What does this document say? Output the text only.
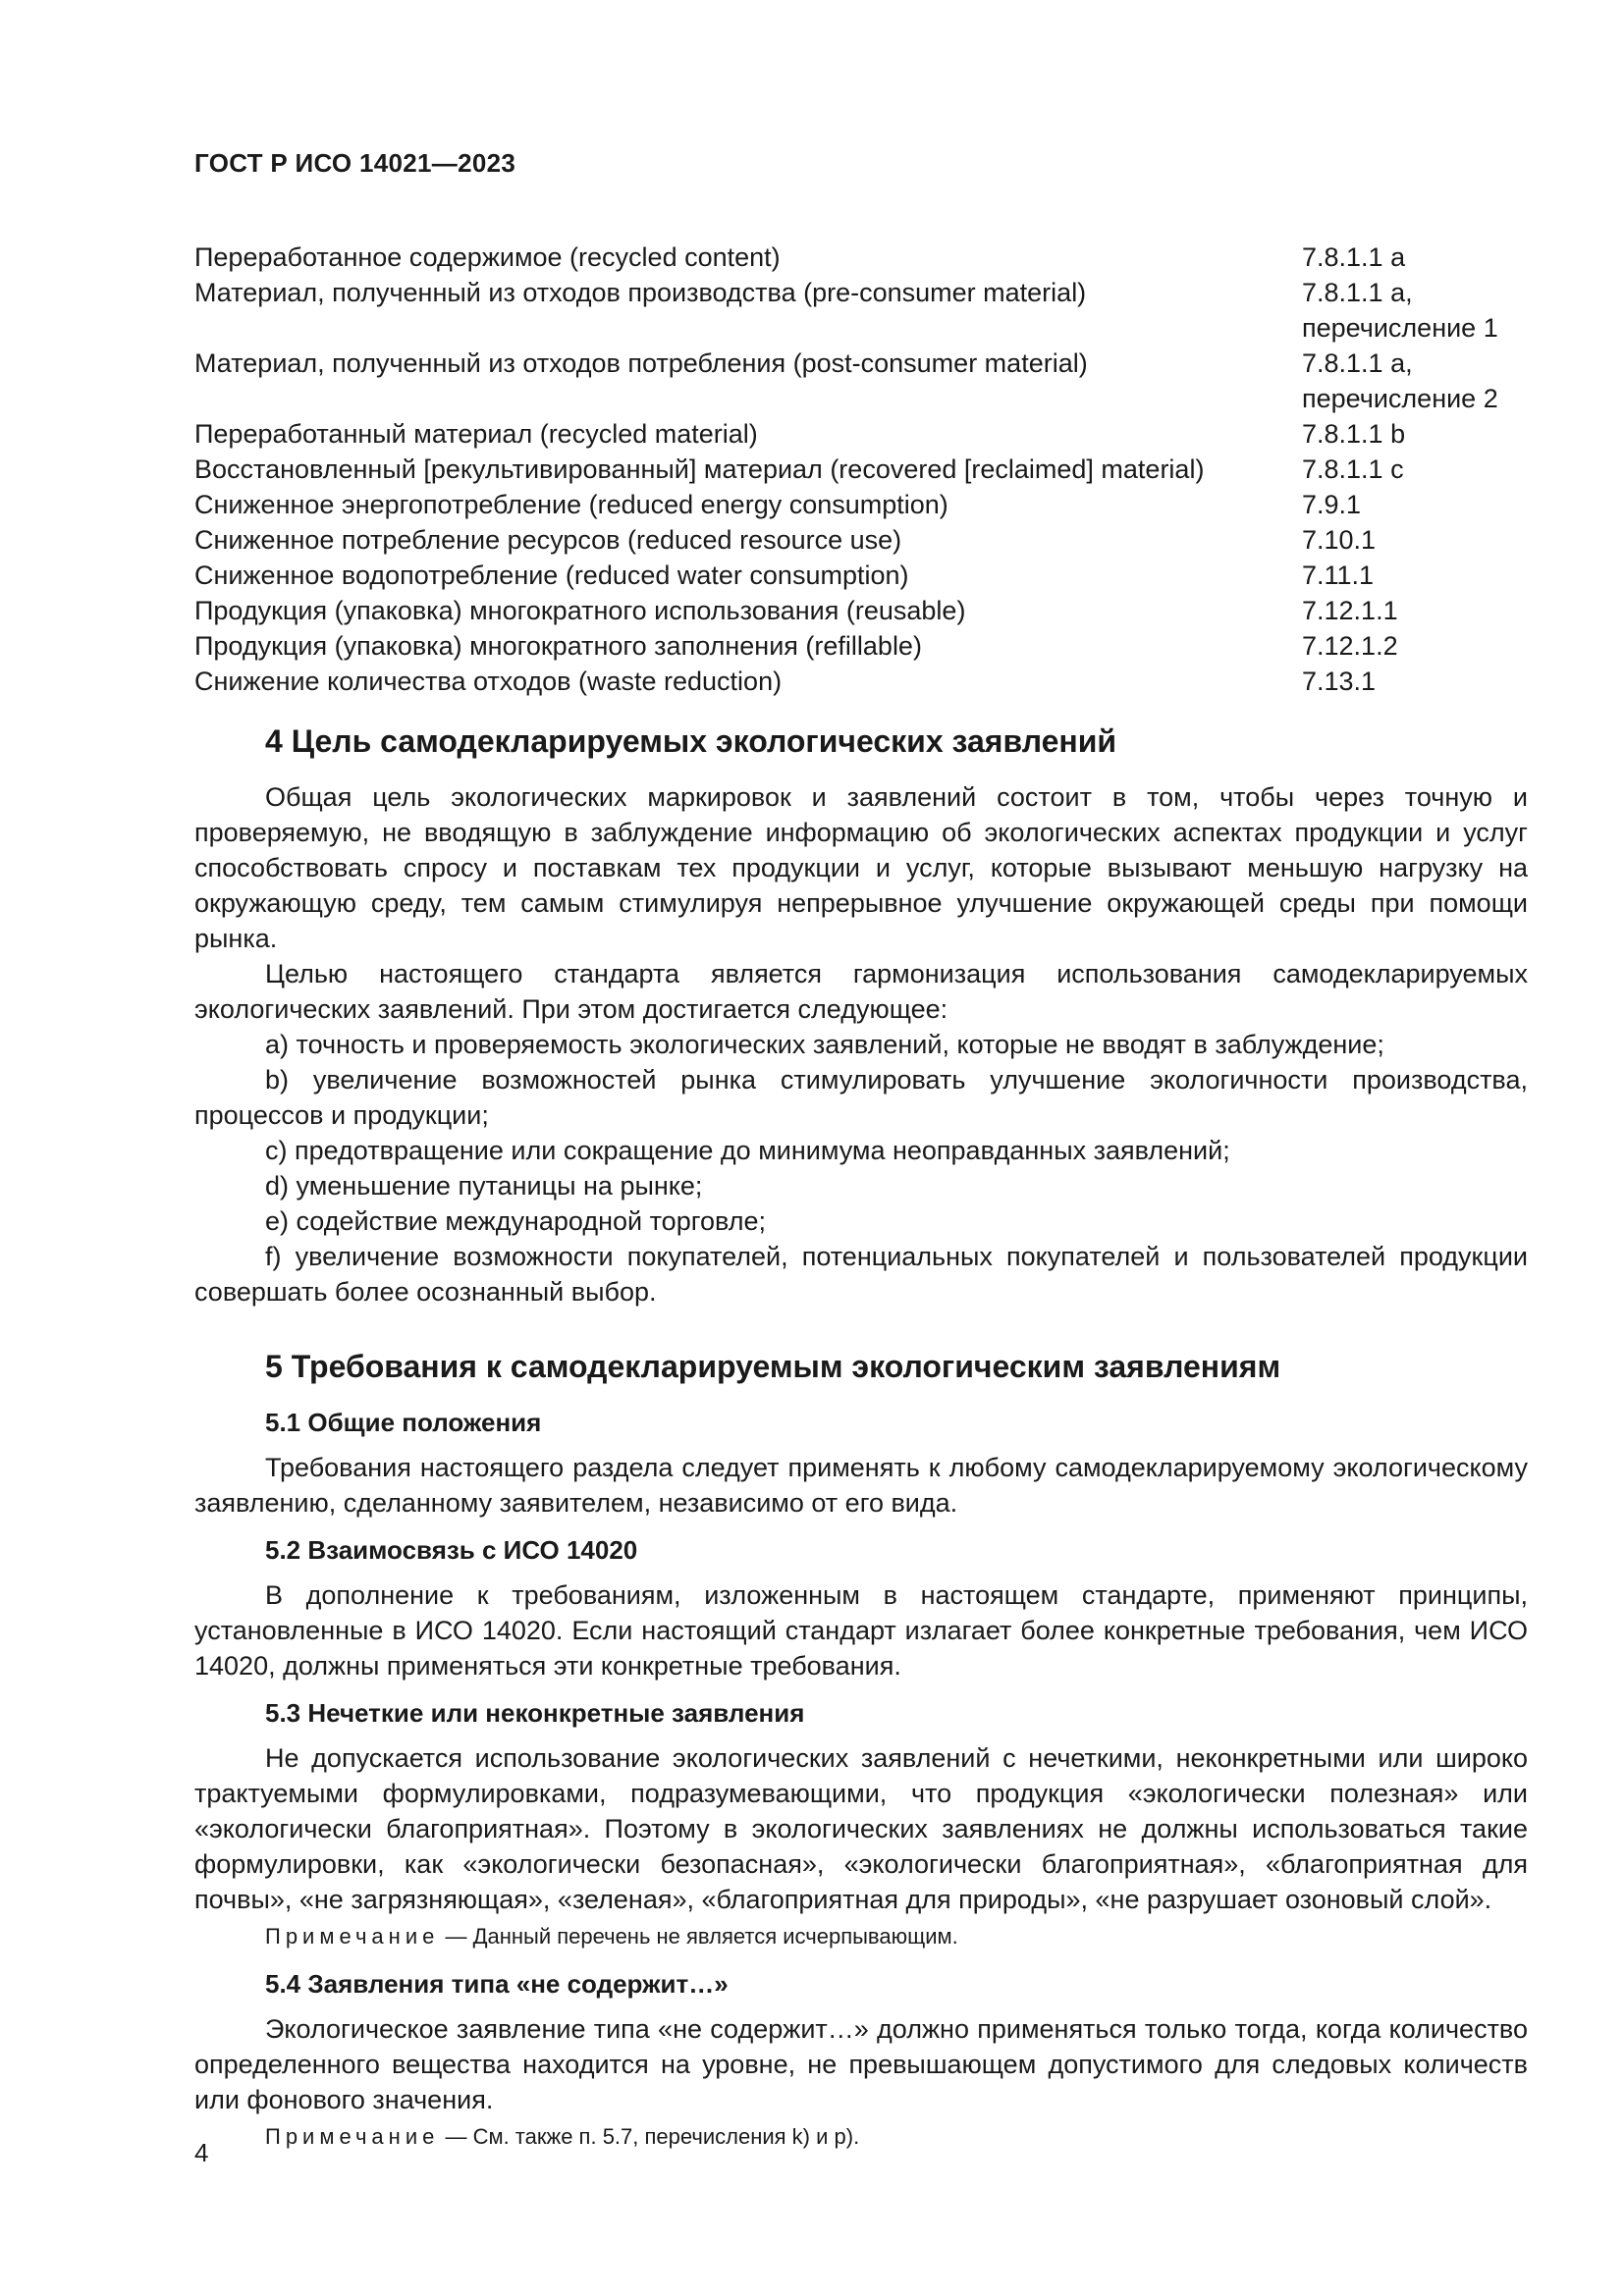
ГОСТ Р ИСО 14021—2023
Переработанное содержимое (recycled content)	7.8.1.1 a
Материал, полученный из отходов производства (pre-consumer material)	7.8.1.1 a,
перечисление 1
Материал, полученный из отходов потребления (post-consumer material)	7.8.1.1 a,
перечисление 2
Переработанный материал (recycled material)	7.8.1.1 b
Восстановленный [рекультивированный] материал (recovered [reclaimed] material)	7.8.1.1 c
Сниженное энергопотребление (reduced energy consumption)	7.9.1
Сниженное потребление ресурсов (reduced resource use)	7.10.1
Сниженное водопотребление (reduced water consumption)	7.11.1
Продукция (упаковка) многократного использования (reusable)	7.12.1.1
Продукция (упаковка) многократного заполнения (refillable)	7.12.1.2
Снижение количества отходов (waste reduction)	7.13.1
4 Цель самодекларируемых экологических заявлений

Общая цель экологических маркировок и заявлений состоит в том, чтобы через точную и проверяемую, не вводящую в заблуждение информацию об экологических аспектах продукции и услуг способствовать спросу и поставкам тех продукции и услуг, которые вызывают меньшую нагрузку на окружающую среду, тем самым стимулируя непрерывное улучшение окружающей среды при помощи рынка.

Целью настоящего стандарта является гармонизация использования самодекларируемых экологических заявлений. При этом достигается следующее:

a) точность и проверяемость экологических заявлений, которые не вводят в заблуждение;

b) увеличение возможностей рынка стимулировать улучшение экологичности производства, процессов и продукции;

c) предотвращение или сокращение до минимума неоправданных заявлений;

d) уменьшение путаницы на рынке;

e) содействие международной торговле;

f) увеличение возможности покупателей, потенциальных покупателей и пользователей продукции совершать более осознанный выбор.

5 Требования к самодекларируемым экологическим заявлениям
5.1 Общие положения

Требования настоящего раздела следует применять к любому самодекларируемому экологическому заявлению, сделанному заявителем, независимо от его вида.

5.2 Взаимосвязь с ИСО 14020

В дополнение к требованиям, изложенным в настоящем стандарте, применяют принципы, установленные в ИСО 14020. Если настоящий стандарт излагает более конкретные требования, чем ИСО 14020, должны применяться эти конкретные требования.

5.3 Нечеткие или неконкретные заявления

Не допускается использование экологических заявлений с нечеткими, неконкретными или широко трактуемыми формулировками, подразумевающими, что продукция «экологически полезная» или «экологически благоприятная». Поэтому в экологических заявлениях не должны использоваться такие формулировки, как «экологически безопасная», «экологически благоприятная», «благоприятная для почвы», «не загрязняющая», «зеленая», «благоприятная для природы», «не разрушает озоновый слой».

Примечание — Данный перечень не является исчерпывающим.

5.4 Заявления типа «не содержит…»

Экологическое заявление типа «не содержит…» должно применяться только тогда, когда количество определенного вещества находится на уровне, не превышающем допустимого для следовых количеств или фонового значения.

Примечание — См. также п. 5.7, перечисления k) и p).

4
